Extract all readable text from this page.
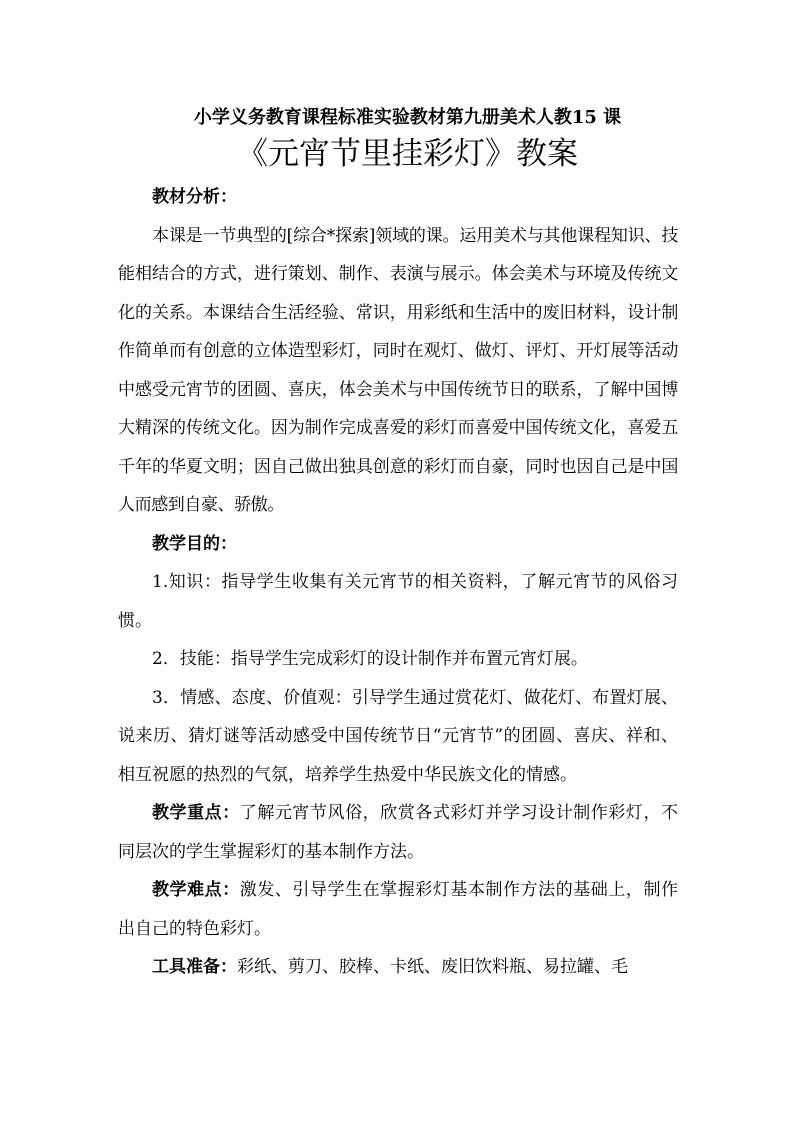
小学义务教育课程标准实验教材第九册美术人教15 课
《元宵节里挂彩灯》教案

教材分析：

本课是一节典型的[综合*探索]领域的课。运用美术与其他课程知识、技能相结合的方式，进行策划、制作、表演与展示。体会美术与环境及传统文化的关系。本课结合生活经验、常识，用彩纸和生活中的废旧材料，设计制作简单而有创意的立体造型彩灯，同时在观灯、做灯、评灯、开灯展等活动中感受元宵节的团圆、喜庆，体会美术与中国传统节日的联系，了解中国博大精深的传统文化。因为制作完成喜爱的彩灯而喜爱中国传统文化，喜爱五千年的华夏文明；因自己做出独具创意的彩灯而自豪，同时也因自己是中国人而感到自豪、骄傲。

教学目的：

1.知识：指导学生收集有关元宵节的相关资料，了解元宵节的风俗习惯。

2．技能：指导学生完成彩灯的设计制作并布置元宵灯展。

3．情感、态度、价值观：引导学生通过赏花灯、做花灯、布置灯展、说来历、猜灯谜等活动感受中国传统节日“元宵节”的团圆、喜庆、祥和、相互祝愿的热烈的气氛，培养学生热爱中华民族文化的情感。

教学重点：了解元宵节风俗，欣赏各式彩灯并学习设计制作彩灯，不同层次的学生掌握彩灯的基本制作方法。

教学难点：激发、引导学生在掌握彩灯基本制作方法的基础上，制作出自己的特色彩灯。

工具准备：彩纸、剪刀、胶棒、卡纸、废旧饮料瓶、易拉罐、毛
